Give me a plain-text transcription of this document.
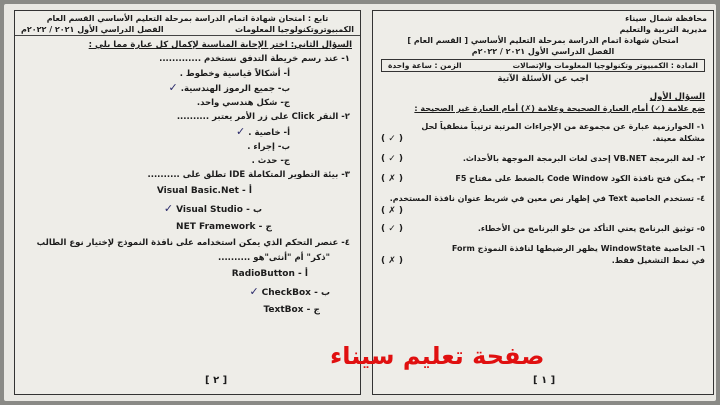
تابع : امتحان شهادة اتمام الدراسة بمرحلة التعليم الأساسي القسم العام
الكمبيوتروتكنولوجيا المعلومات
الفصل الدراسي الأول ٢٠٢١ / ٢٠٢٢م
السؤال الثاني: اختر الإجابة المناسبة لإكمال كل عبارة مما يلي :
١- عند رسم خريطة التدفق نستخدم .............
أ- أشكالاً قياسية وخطوط .
ب- جميع الرموز الهندسية.✓
ج- شكل هندسي واحد.
٢- النقر Click على زر الأمر يعتبر ..........
أ- خاصية .✓
ب- إجراء .
ج- حدث .
٣- بيئة التطوير المتكاملة IDE تطلق على ..........
Visual Basic.Net - أ
✓ Visual Studio - ب
NET Framework - ج
٤- عنصر التحكم الذي يمكن استخدامه على نافذة النموذج لإختيار نوع الطالب
"ذكر" أم "أنثى"هو ..........
RadioButton - أ
✓ CheckBox - ب
TextBox - ج
[ ٢ ]
محافظة شمال سيناء
مديرية التربية والتعليم
امتحان شهادة اتمام الدراسة بمرحلة التعليم الأساسي [ القسم العام ]
الفصل الدراسي الأول ٢٠٢١ / ٢٠٢٢م
المادة : الكمبيوتر وتكنولوجيا المعلومات والإتصالات
الزمن : ساعة واحدة
اجب عن الأسئلة الآتية
السؤال الأول
ضع علامة (✓) أمام العبارة الصحيحة وعلامة (✗) أمام العبارة غير الصحيحة :
١- الخوارزمية عبارة عن مجموعة من الإجراءات المرتبة ترتيباً منطقياً لحل
مشكلة معينة.
( ✓ )
٢- لغة البرمجة VB.NET إحدى لغات البرمجة الموجهة بالأحداث.
( ✓ )
٣- يمكن فتح نافذة الكود Code Window بالضغط على مفتاح F5
( ✗ )
٤- تستخدم الخاصية Text في إظهار نص معين في شريط عنوان نافذة المستخدم.
( ✗ )
٥- توثيق البرنامج يعني التأكد من خلو البرنامج من الأخطاء.
( ✓ )
٦- الخاصية WindowState يظهر الرضيطها لنافذة النموذج Form
في نمط التشغيل فقط.
( ✗ )
[ ١ ]
صفحة تعليم سيناء
